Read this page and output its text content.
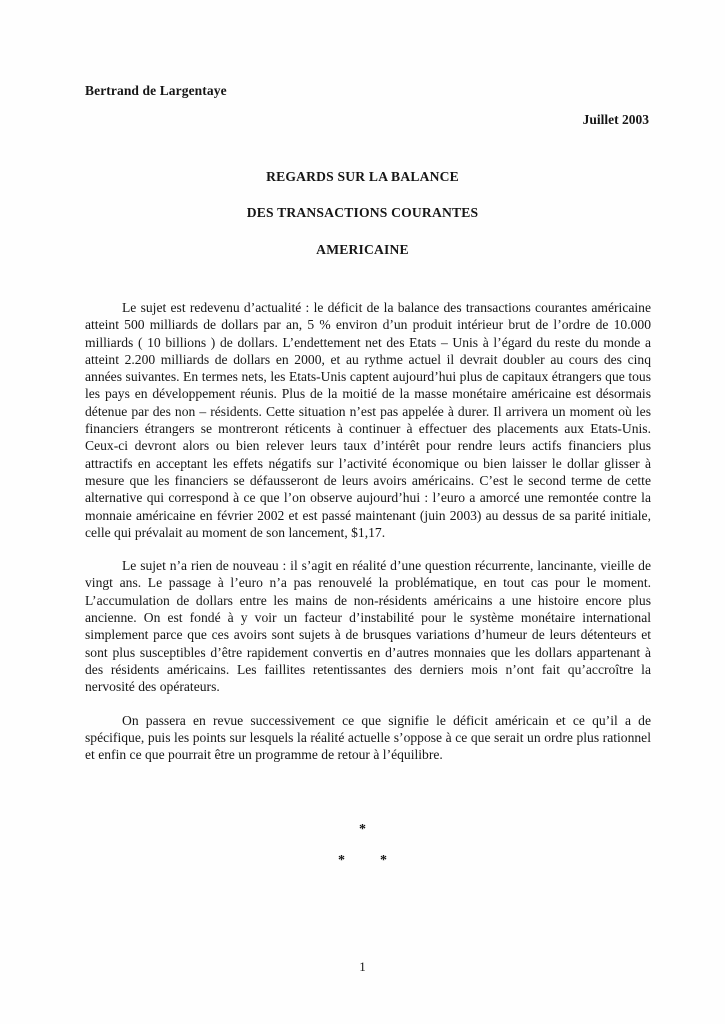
Bertrand de Largentaye
Juillet 2003
REGARDS SUR LA BALANCE
DES TRANSACTIONS COURANTES
AMERICAINE

Le sujet est redevenu d’actualité : le déficit de la balance des transactions courantes américaine atteint 500 milliards de dollars par an, 5 % environ d’un produit intérieur brut de l’ordre de 10.000 milliards ( 10 billions ) de dollars. L’endettement net des Etats – Unis à l’égard du reste du monde a atteint 2.200 milliards de dollars en 2000, et au rythme actuel il devrait doubler au cours des cinq années suivantes. En termes nets, les Etats-Unis captent aujourd’hui plus de capitaux étrangers que tous les pays en développement réunis. Plus de la moitié de la masse monétaire américaine est désormais détenue par des non – résidents. Cette situation n’est pas appelée à durer. Il arrivera un moment où les financiers étrangers se montreront réticents à continuer à effectuer des placements aux Etats-Unis. Ceux-ci devront alors ou bien relever leurs taux d’intérêt pour rendre leurs actifs financiers plus attractifs en acceptant les effets négatifs sur l’activité économique ou bien laisser le dollar glisser à mesure que les financiers se défausseront de leurs avoirs américains. C’est le second terme de cette alternative qui correspond à ce que l’on observe aujourd’hui : l’euro a amorcé une remontée contre la monnaie américaine en février 2002 et est passé maintenant (juin 2003) au dessus de sa parité initiale, celle qui prévalait au moment de son lancement, $1,17.

Le sujet n’a rien de nouveau : il s’agit en réalité d’une question récurrente, lancinante, vieille de vingt ans. Le passage à l’euro n’a pas renouvelé la problématique, en tout cas pour le moment. L’accumulation de dollars entre les mains de non-résidents américains a une histoire encore plus ancienne. On est fondé à y voir un facteur d’instabilité pour le système monétaire international simplement parce que ces avoirs sont sujets à de brusques variations d’humeur de leurs détenteurs et sont plus susceptibles d’être rapidement convertis en d’autres monnaies que les dollars appartenant à des résidents américains. Les faillites retentissantes des derniers mois n’ont fait qu’accroître la nervosité des opérateurs.

On passera en revue successivement ce que signifie le déficit américain et ce qu’il a de spécifique, puis les points sur lesquels la réalité actuelle s’oppose à ce que serait un ordre plus rationnel et enfin ce que pourrait être un programme de retour à l’équilibre.

*
*	*
1
